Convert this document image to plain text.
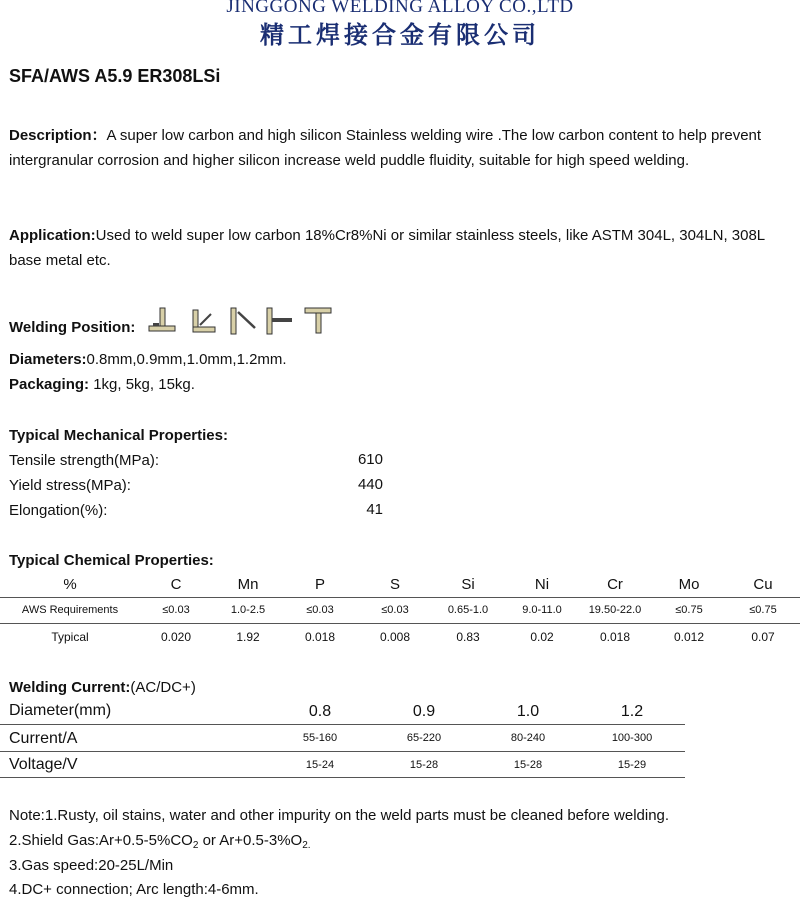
JINGGONG WELDING ALLOY CO.,LTD
精工焊接合金有限公司
SFA/AWS A5.9 ER308LSi
Description：A super low carbon and high silicon Stainless welding wire .The low carbon content to help prevent intergranular corrosion and higher silicon increase weld puddle fluidity, suitable for high speed welding.
Application:Used to weld super low carbon 18%Cr8%Ni or similar stainless steels, like ASTM 304L, 304LN, 308L base metal etc.
Welding Position:
Diameters:0.8mm,0.9mm,1.0mm,1.2mm.
Packaging: 1kg, 5kg, 15kg.
Typical Mechanical Properties:
Tensile strength(MPa):	610
Yield stress(MPa):	440
Elongation(%):	41
Typical Chemical Properties:
%	C	Mn	P	S	Si	Ni	Cr	Mo	Cu
AWS Requirements	≤0.03	1.0-2.5	≤0.03	≤0.03	0.65-1.0	9.0-11.0	19.50-22.0	≤0.75	≤0.75
Typical	0.020	1.92	0.018	0.008	0.83	0.02	0.018	0.012	0.07
Welding Current:(AC/DC+)
Diameter(mm)	0.8	0.9	1.0	1.2
Current/A	55-160	65-220	80-240	100-300
Voltage/V	15-24	15-28	15-28	15-29
Note:1.Rusty, oil stains, water and other impurity on the weld parts must be cleaned before welding.
2.Shield $Gas:Ar+0.5-5\%CO_2$ or $Ar+0.5-3\%O_{2.}$
3.Gas speed:20-25L/Min
4.DC+ connection; Arc length:4-6mm.
